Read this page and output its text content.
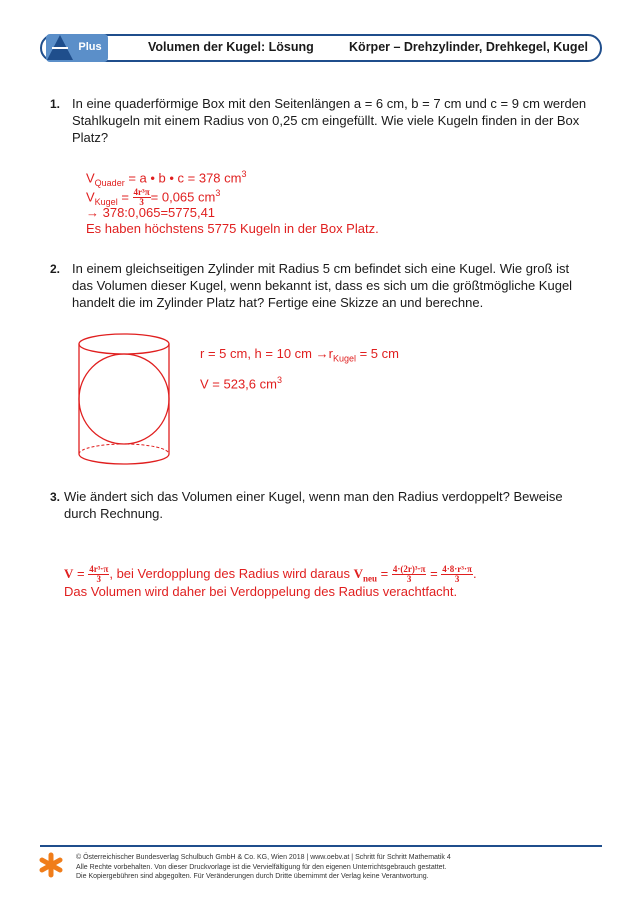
Plus	Volumen der Kugel: Lösung	Körper – Drehzylinder, Drehkegel, Kugel
1. In eine quaderförmige Box mit den Seitenlängen a = 6 cm, b = 7 cm und c = 9 cm werden Stahlkugeln mit einem Radius von 0,25 cm eingefüllt. Wie viele Kugeln finden in der Box Platz?
$V_{Quader} = a$ • b • c = 378 $cm^3$
$V_{Kugel} = \frac{\text{4r³π}}{3} = 0,065$ $cm^3$
→ 378:0,065=5775,41
Es haben höchstens 5775 Kugeln in der Box Platz.
2. In einem gleichseitigen Zylinder mit Radius 5 cm befindet sich eine Kugel. Wie groß ist das Volumen dieser Kugel, wenn bekannt ist, dass es sich um die größtmögliche Kugel handelt die im Zylinder Platz hat? Fertige eine Skizze an und berechne.
r = 5 cm, h = 10 cm $\to r_{Kugel} = 5$ cm
V = 523,6 $cm^3$
3. Wie ändert sich das Volumen einer Kugel, wenn man den Radius verdoppelt? Beweise durch Rechnung.
$V = \frac{\text{4r³·π}}{3}$ , bei Verdopplung des Radius wird daraus $V_{neu} = \frac{\text{4·(2r)³·π}}{3} = \frac{\text{4·8·r³·π}}{3}$ .
Das Volumen wird daher bei Verdoppelung des Radius verachtfacht.
© Österreichischer Bundesverlag Schulbuch GmbH & Co. KG, Wien 2018 | www.oebv.at | Schritt für Schritt Mathematik 4
Alle Rechte vorbehalten. Von dieser Druckvorlage ist die Vervielfältigung für den eigenen Unterrichtsgebrauch gestattet.
Die Kopiergebühren sind abgegolten. Für Veränderungen durch Dritte übernimmt der Verlag keine Verantwortung.
